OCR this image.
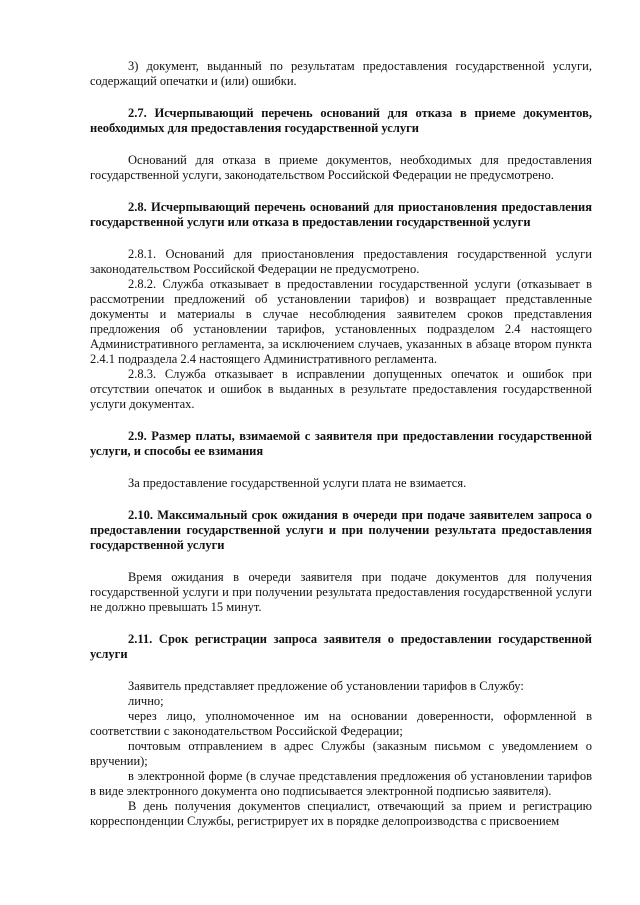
3) документ, выданный по результатам предоставления государственной услуги, содержащий опечатки и (или) ошибки.

2.7. Исчерпывающий перечень оснований для отказа в приеме документов, необходимых для предоставления государственной услуги

Оснований для отказа в приеме документов, необходимых для предоставления государственной услуги, законодательством Российской Федерации не предусмотрено.

2.8. Исчерпывающий перечень оснований для приостановления предоставления государственной услуги или отказа в предоставлении государственной услуги

2.8.1. Оснований для приостановления предоставления государственной услуги законодательством Российской Федерации не предусмотрено.

2.8.2. Служба отказывает в предоставлении государственной услуги (отказывает в рассмотрении предложений об установлении тарифов) и возвращает представленные документы и материалы в случае несоблюдения заявителем сроков представления предложения об установлении тарифов, установленных подразделом 2.4 настоящего Административного регламента, за исключением случаев, указанных в абзаце втором пункта 2.4.1 подраздела 2.4 настоящего Административного регламента.

2.8.3. Служба отказывает в исправлении допущенных опечаток и ошибок при отсутствии опечаток и ошибок в выданных в результате предоставления государственной услуги документах.

2.9. Размер платы, взимаемой с заявителя при предоставлении государственной услуги, и способы ее взимания

За предоставление государственной услуги плата не взимается.

2.10. Максимальный срок ожидания в очереди при подаче заявителем запроса о предоставлении государственной услуги и при получении результата предоставления государственной услуги

Время ожидания в очереди заявителя при подаче документов для получения государственной услуги и при получении результата предоставления государственной услуги не должно превышать 15 минут.

2.11. Срок регистрации запроса заявителя о предоставлении государственной услуги

Заявитель представляет предложение об установлении тарифов в Службу:

лично;

через лицо, уполномоченное им на основании доверенности, оформленной в соответствии с законодательством Российской Федерации;

почтовым отправлением в адрес Службы (заказным письмом с уведомлением о вручении);

в электронной форме (в случае представления предложения об установлении тарифов в виде электронного документа оно подписывается электронной подписью заявителя).

В день получения документов специалист, отвечающий за прием и регистрацию корреспонденции Службы, регистрирует их в порядке делопроизводства с присвоением
